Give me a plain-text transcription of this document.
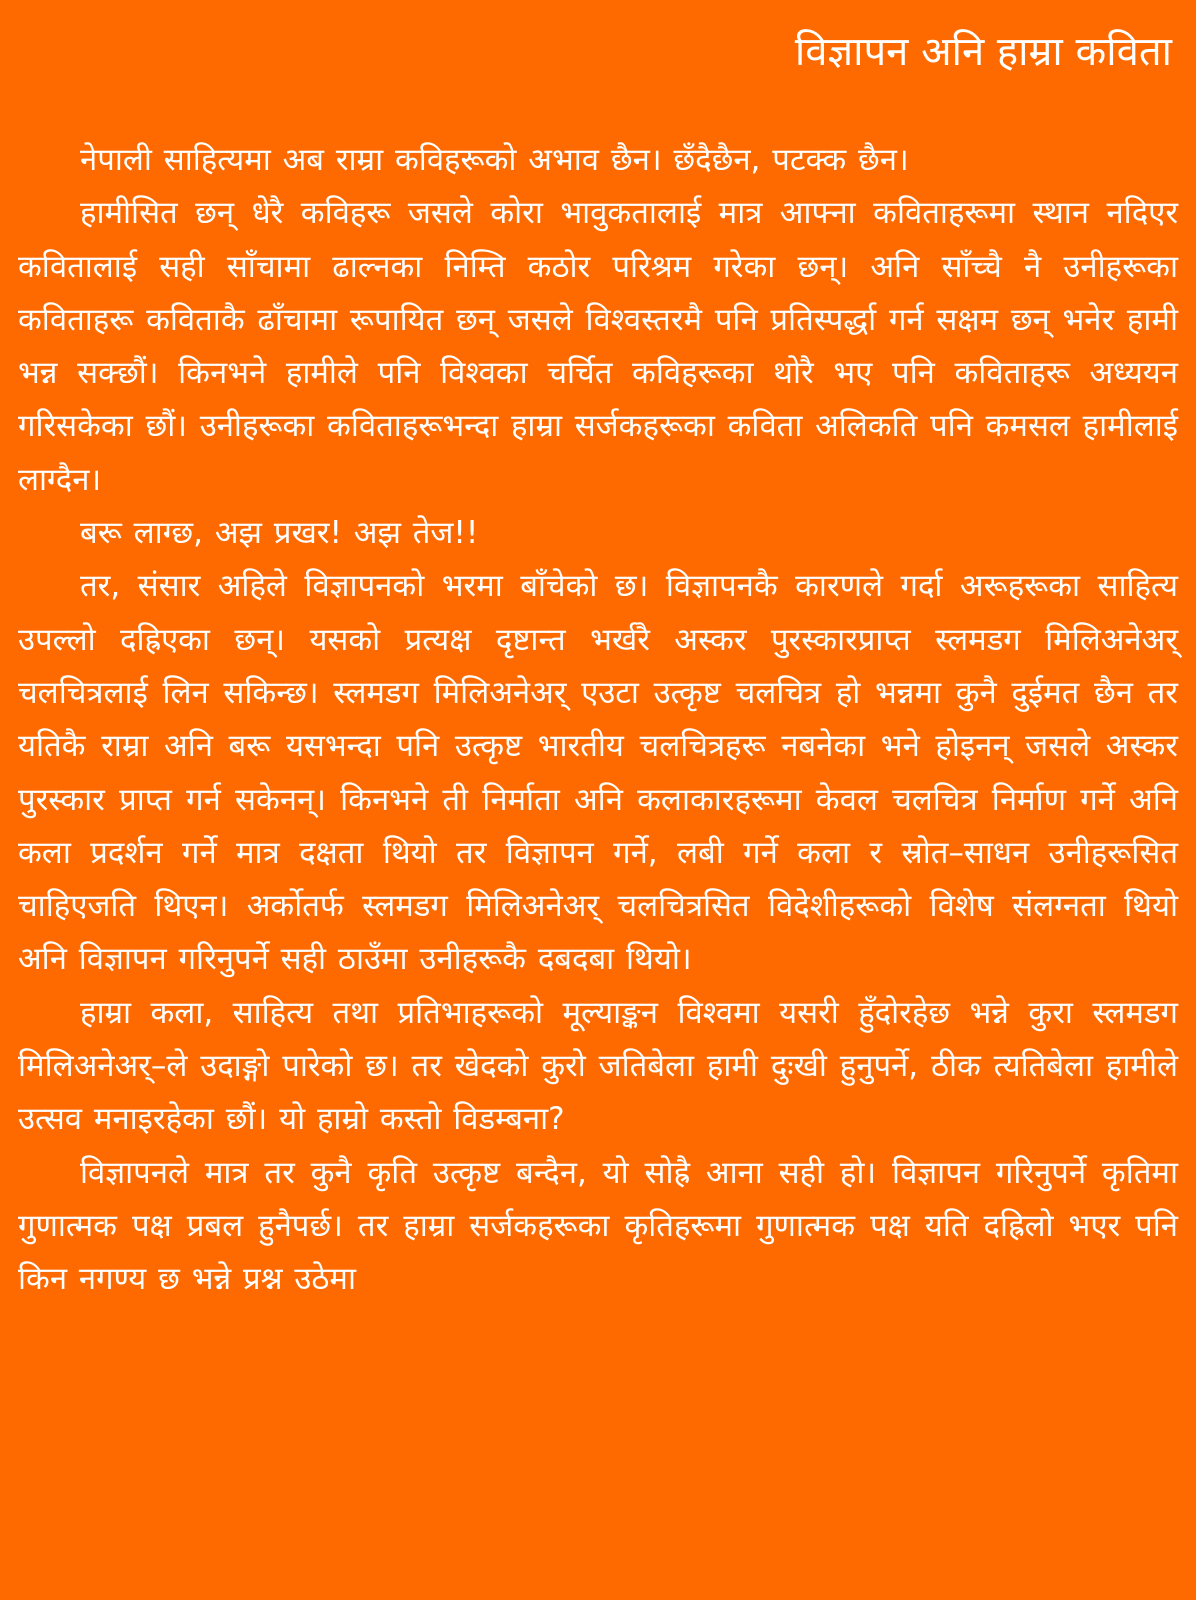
विज्ञापन अनि हाम्रा कविता

नेपाली साहित्यमा अब राम्रा कविहरूको अभाव छैन। छँदैछैन, पटक्क छैन।

हामीसित छन् धेरै कविहरू जसले कोरा भावुकतालाई मात्र आफ्ना कविताहरूमा स्थान नदिएर कवितालाई सही साँचामा ढाल्नका निम्ति कठोर परिश्रम गरेका छन्। अनि साँच्चै नै उनीहरूका कविताहरू कविताकै ढाँचामा रूपायित छन् जसले विश्वस्तरमै पनि प्रतिस्पर्द्धा गर्न सक्षम छन् भनेर हामी भन्न सक्छौं। किनभने हामीले पनि विश्वका चर्चित कविहरूका थोरै भए पनि कविताहरू अध्ययन गरिसकेका छौं। उनीहरूका कविताहरूभन्दा हाम्रा सर्जकहरूका कविता अलिकति पनि कमसल हामीलाई लाग्दैन।

बरू लाग्छ, अझ प्रखर! अझ तेज!!

तर, संसार अहिले विज्ञापनको भरमा बाँचेको छ। विज्ञापनकै कारणले गर्दा अरूहरूका साहित्य उपल्लो दह्रिएका छन्। यसको प्रत्यक्ष दृष्टान्त भर्खरै अस्कर पुरस्कारप्राप्त स्लमडग मिलिअनेअर् चलचित्रलाई लिन सकिन्छ। स्लमडग मिलिअनेअर् एउटा उत्कृष्ट चलचित्र हो भन्नमा कुनै दुईमत छैन तर यतिकै राम्रा अनि बरू यसभन्दा पनि उत्कृष्ट भारतीय चलचित्रहरू नबनेका भने होइनन् जसले अस्कर पुरस्कार प्राप्त गर्न सकेनन्। किनभने ती निर्माता अनि कलाकारहरूमा केवल चलचित्र निर्माण गर्ने अनि कला प्रदर्शन गर्ने मात्र दक्षता थियो तर विज्ञापन गर्ने, लबी गर्ने कला र स्रोत–साधन उनीहरूसित चाहिएजति थिएन। अर्कोतर्फ स्लमडग मिलिअनेअर् चलचित्रसित विदेशीहरूको विशेष संलग्नता थियो अनि विज्ञापन गरिनुपर्ने सही ठाउँमा उनीहरूकै दबदबा थियो।

हाम्रा कला, साहित्य तथा प्रतिभाहरूको मूल्याङ्कन विश्वमा यसरी हुँदोरहेछ भन्ने कुरा स्लमडग मिलिअनेअर्–ले उदाङ्गो पारेको छ। तर खेदको कुरो जतिबेला हामी दुःखी हुनुपर्ने, ठीक त्यतिबेला हामीले उत्सव मनाइरहेका छौं। यो हाम्रो कस्तो विडम्बना?

विज्ञापनले मात्र तर कुनै कृति उत्कृष्ट बन्दैन, यो सोह्रै आना सही हो। विज्ञापन गरिनुपर्ने कृतिमा गुणात्मक पक्ष प्रबल हुनैपर्छ। तर हाम्रा सर्जकहरूका कृतिहरूमा गुणात्मक पक्ष यति दह्रिलो भएर पनि किन नगण्य छ भन्ने प्रश्न उठेमा
